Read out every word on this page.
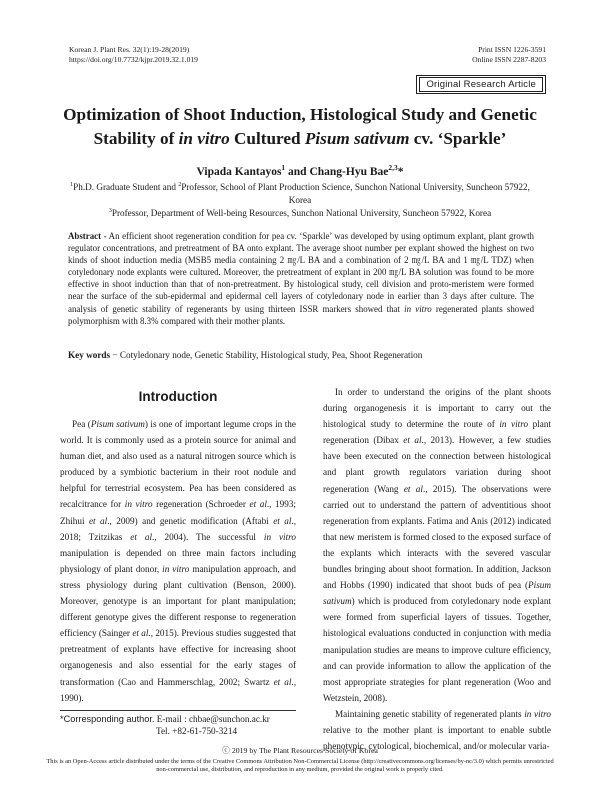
Korean J. Plant Res. 32(1):19-28(2019)
https://doi.org/10.7732/kjpr.2019.32.1.019
Print ISSN 1226-3591
Online ISSN 2287-8203
Original Research Article
Optimization of Shoot Induction, Histological Study and Genetic
Stability of in vitro Cultured Pisum sativum cv. ‘Sparkle’
Vipada Kantayos$^1$ and Chang-Hyu Bae$^{2,3}$*
$^1$Ph.D. Graduate Student and $^2$Professor, School of Plant Production Science, Sunchon National University, Suncheon 57922, Korea
$^3$Professor, Department of Well-being Resources, Sunchon National University, Suncheon 57922, Korea
Abstract - An efficient shoot regeneration condition for pea cv. ‘Sparkle’ was developed by using optimum explant, plant growth regulator concentrations, and pretreatment of BA onto explant. The average shoot number per explant showed the highest on two kinds of shoot induction media (MSB5 media containing 2 ㎎/L BA and a combination of 2 ㎎/L BA and 1 ㎎/L TDZ) when cotyledonary node explants were cultured. Moreover, the pretreatment of explant in 200 ㎎/L BA solution was found to be more effective in shoot induction than that of non-pretreatment. By histological study, cell division and proto-meristem were formed near the surface of the sub-epidermal and epidermal cell layers of cotyledonary node in earlier than 3 days after culture. The analysis of genetic stability of regenerants by using thirteen ISSR markers showed that in vitro regenerated plants showed polymorphism with 8.3% compared with their mother plants.
Key words − Cotyledonary node, Genetic Stability, Histological study, Pea, Shoot Regeneration
Introduction

Pea (Pisum sativum) is one of important legume crops in the world. It is commonly used as a protein source for animal and human diet, and also used as a natural nitrogen source which is produced by a symbiotic bacterium in their root nodule and helpful for terrestrial ecosystem. Pea has been considered as recalcitrance for in vitro regeneration (Schroeder et al., 1993; Zhihui et al., 2009) and genetic modification (Aftabi et al., 2018; Tzitzikas et al., 2004). The successful in vitro manipulation is depended on three main factors including physiology of plant donor, in vitro manipulation approach, and stress physiology during plant cultivation (Benson, 2000). Moreover, genotype is an important for plant manipulation; different genotype gives the different response to regeneration efficiency (Sainger et al., 2015). Previous studies suggested that pretreatment of explants have effective for increasing shoot organogenesis and also essential for the early stages of transformation (Cao and Hammerschlag, 2002; Swartz et al., 1990).

In order to understand the origins of the plant shoots during organogenesis it is important to carry out the histological study to determine the route of in vitro plant regeneration (Dibax et al., 2013). However, a few studies have been executed on the connection between histological and plant growth regulators variation during shoot regeneration (Wang et al., 2015). The observations were carried out to understand the pattern of adventitious shoot regeneration from explants. Fatima and Anis (2012) indicated that new meristem is formed closed to the exposed surface of the explants which interacts with the severed vascular bundles bringing about shoot formation. In addition, Jackson and Hobbs (1990) indicated that shoot buds of pea (Pisum sativum) which is produced from cotyledonary node explant were formed from superficial layers of tissues. Together, histological evaluations conducted in conjunction with media manipulation studies are means to improve culture efficiency, and can provide information to allow the application of the most appropriate strategies for plant regeneration (Woo and Wetzstein, 2008).

Maintaining genetic stability of regenerated plants in vitro relative to the mother plant is important to enable subtle phenotypic, cytological, biochemical, and/or molecular varia-

*Corresponding author. E-mail : chbae@sunchon.ac.kr
Tel. +82-61-750-3214
ⓒ 2019 by The Plant Resources Society of Korea
This is an Open-Access article distributed under the terms of the Creative Commons Attribution Non-Commercial License (http://creativecommons.org/licenses/by-nc/3.0) which permits unrestricted non-commercial use, distribution, and reproduction in any medium, provided the original work is properly cited.
